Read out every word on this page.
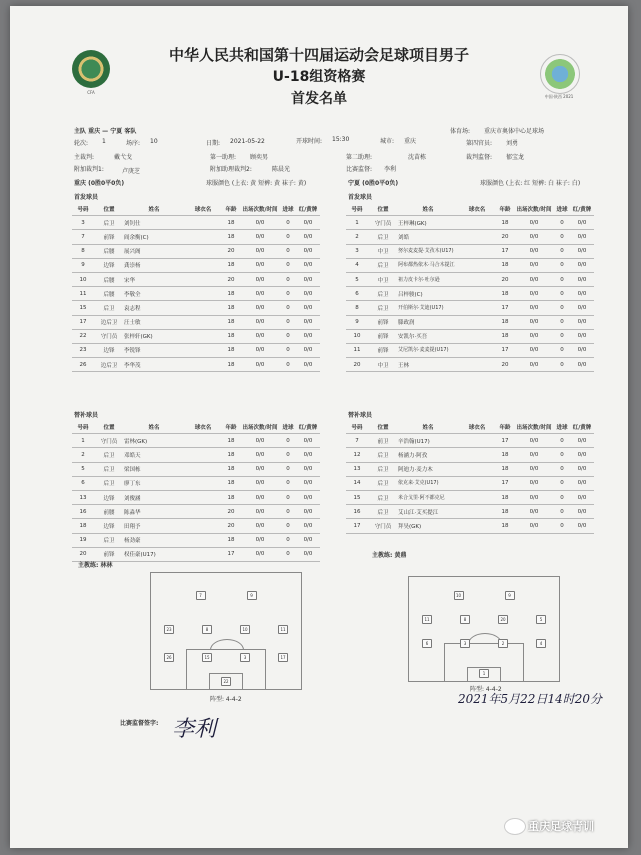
CFA
中国·陕西 2021
中华人民共和国第十四届运动会足球项目男子
U-18组资格赛
首发名单
主队 重庆 — 宁夏 客队	体育场: 重庆市奥体中心足球场
轮次: 1	场序: 10	日期: 2021-05-22	开球时间: 15:30	城市: 重庆	第四官员: 刘勇
主裁判:	戴弋戈	第一助理: 顾奕男	第二助理:	沈苗栋	裁判监督: 郁宝龙
附加裁判1:	卢庚芝	附加助理裁判2:	陈晨光	比赛监督: 李利
重庆 (0胜0平0负)	球服颜色 (上衣: 黄 短裤: 黄 袜子: 黄)	宁夏 (0胜0平0负)	球服颜色 (上衣: 红 短裤: 白 袜子: 白)
首发球员	首发球员
号码	位置	姓名	球衣名	年龄	出场次数/时间	进球	红/黄牌
3	后卫	刘钊仕		18	0/0	0	0/0
7	前锋	阎余衡(C)		18	0/0	0	0/0
8	后腰	展兴阁		20	0/0	0	0/0
9	边锋	龚崇杨		18	0/0	0	0/0
10	后腰	宋华		20	0/0	0	0/0
11	后腰	李敬全		18	0/0	0	0/0
15	后卫	袁志程		18	0/0	0	0/0
17	边后卫	汪士敏		18	0/0	0	0/0
22	守门员	张梓轩(GK)		18	0/0	0	0/0
23	边锋	李锐锋		18	0/0	0	0/0
26	边后卫	李华茂		18	0/0	0	0/0
号码	位置	姓名	球衣名	年龄	出场次数/时间	进球	红/黄牌
1	守门员	王梓琳(GK)		18	0/0	0	0/0
2	后卫	刘皓		20	0/0	0	0/0
3	中卫	努尔麦麦提·艾孜木(U17)		17	0/0	0	0/0
4	后卫	阿布都热依木·马合木提江		18	0/0	0	0/0
5	中卫	祖力皮卡尔·吐尔逊		20	0/0	0	0/0
6	后卫	吕梓骏(C)		18	0/0	0	0/0
8	后卫	开伯斯尔·艾迪(U17)		17	0/0	0	0/0
9	前锋	滕政润		18	0/0	0	0/0
10	前锋	安凯尔·买吾		18	0/0	0	0/0
11	前锋	艾尼凯尔·麦麦提(U17)		17	0/0	0	0/0
20	中卫	王林		20	0/0	0	0/0
替补球员	替补球员
号码	位置	姓名	球衣名	年龄	出场次数/时间	进球	红/黄牌
1	守门员	雷林(GK)		18	0/0	0	0/0
2	后卫	邓皓天		18	0/0	0	0/0
5	后卫	梁国栋		18	0/0	0	0/0
6	后卫	廖丁东		18	0/0	0	0/0
13	边锋	刘俊涵		18	0/0	0	0/0
16	前腰	陈淼华		20	0/0	0	0/0
18	边锋	田翔予		20	0/0	0	0/0
19	后卫	杨劲豪		18	0/0	0	0/0
20	前锋	权佳豪(U17)		17	0/0	0	0/0
号码	位置	姓名	球衣名	年龄	出场次数/时间	进球	红/黄牌
7	前卫	辛浩翰(U17)		17	0/0	0	0/0
12	后卫	杨涵力·阿孜		18	0/0	0	0/0
13	后卫	阿迪力·麦力木		18	0/0	0	0/0
14	后卫	依克来·艾克(U17)		17	0/0	0	0/0
15	后卫	米合戈里·阿不都克尼		18	0/0	0	0/0
16	后卫	艾山江·艾买提江		18	0/0	0	0/0
17	守门员	拜昊(GK)		18	0/0	0	0/0
主教练: 林林
主教练: 黄鼎
7	9
23	8	10	11
26	15	3	17
22
阵型: 4-4-2
10	9
11	8	20	5
6	3	2	4
1
阵型: 4-4-2
比赛监督签字: 李利
2021年5月22日14时20分
重庆足球青训
